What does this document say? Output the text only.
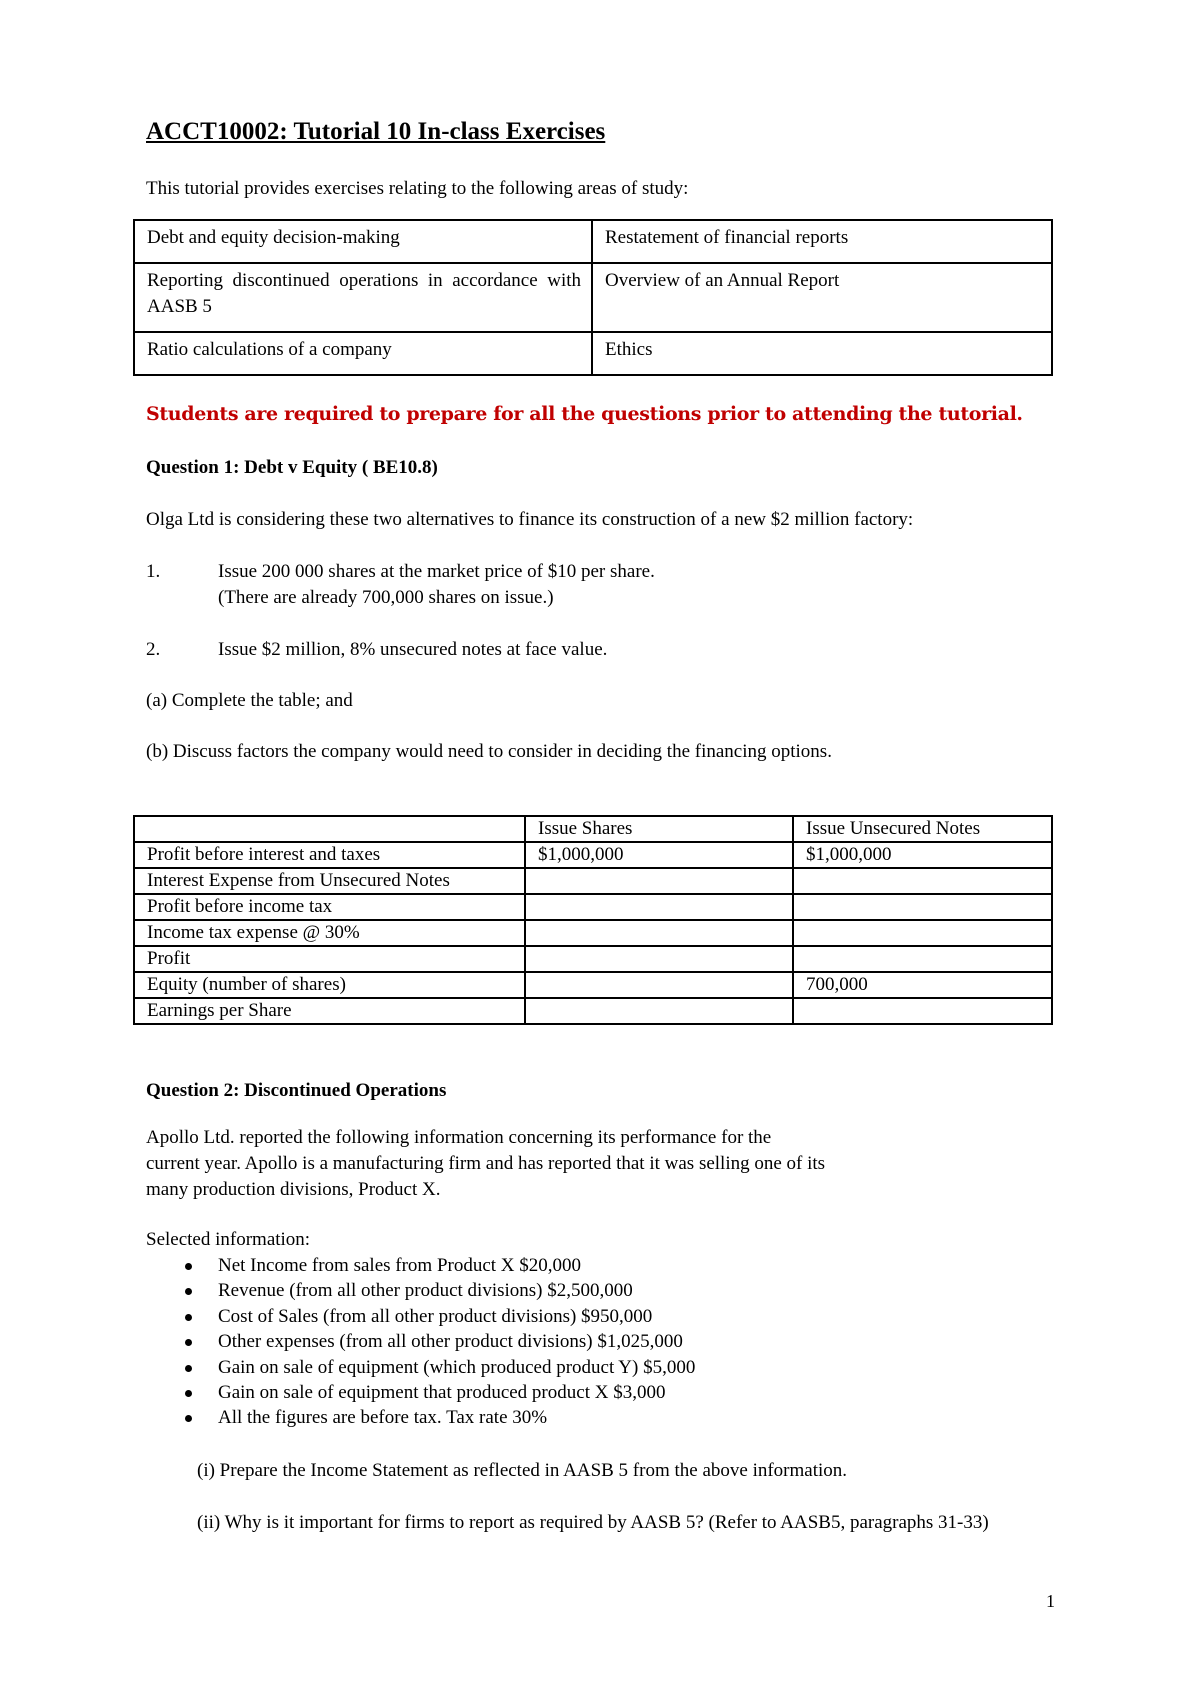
ACCT10002: Tutorial 10 In-class Exercises
This tutorial provides exercises relating to the following areas of study:
Debt and equity decision-making	Restatement of financial reports
Reporting discontinued operations in accordance with AASB 5	Overview of an Annual Report
Ratio calculations of a company	Ethics
Students are required to prepare for all the questions prior to attending the tutorial.
Question 1: Debt v Equity ( BE10.8)
Olga Ltd is considering these two alternatives to finance its construction of a new $2 million factory:
1.	Issue 200 000 shares at the market price of $10 per share.
(There are already 700,000 shares on issue.)
2.	Issue $2 million, 8% unsecured notes at face value.
(a) Complete the table; and
(b) Discuss factors the company would need to consider in deciding the financing options.
	Issue Shares	Issue Unsecured Notes
Profit before interest and taxes	$1,000,000	$1,000,000
Interest Expense from Unsecured Notes		
Profit before income tax		
Income tax expense @ 30%		
Profit		
Equity (number of shares)		700,000
Earnings per Share		
Question 2: Discontinued Operations
Apollo Ltd. reported the following information concerning its performance for the
current year. Apollo is a manufacturing firm and has reported that it was selling one of its
many production divisions, Product X.
Selected information:
Net Income from sales from Product X $20,000
Revenue (from all other product divisions) $2,500,000
Cost of Sales (from all other product divisions) $950,000
Other expenses (from all other product divisions) $1,025,000
Gain on sale of equipment (which produced product Y) $5,000
Gain on sale of equipment that produced product X $3,000
All the figures are before tax. Tax rate 30%
(i) Prepare the Income Statement as reflected in AASB 5 from the above information.
(ii) Why is it important for firms to report as required by AASB 5? (Refer to AASB5, paragraphs 31-33)
1
